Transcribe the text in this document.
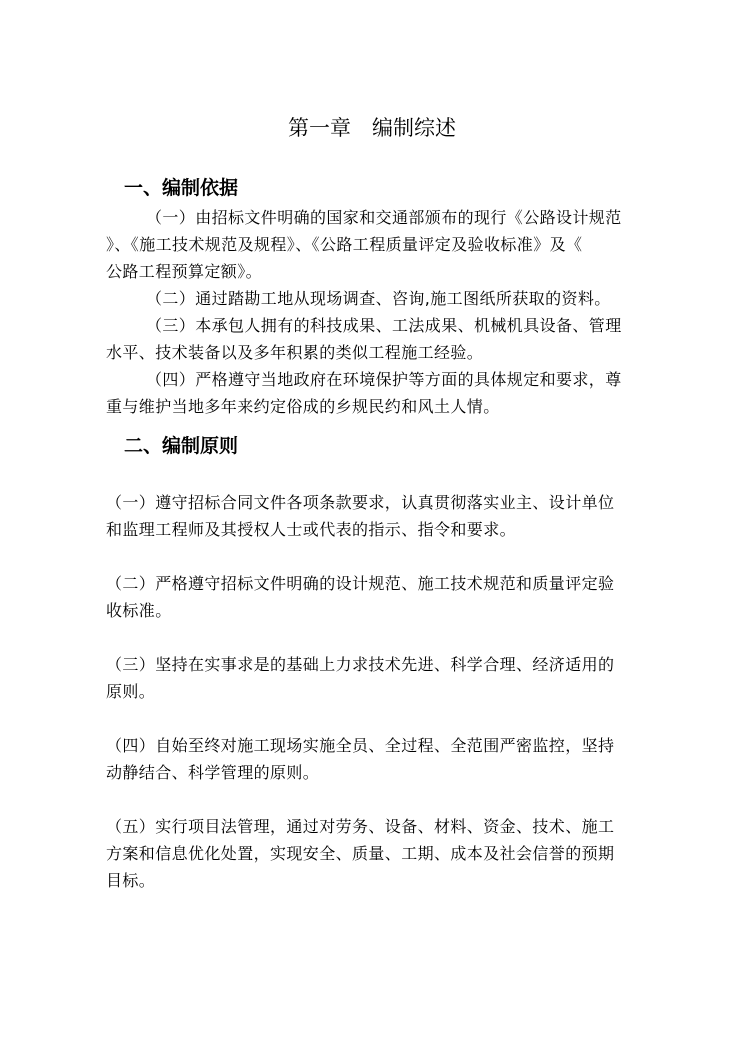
第一章　编制综述
一、编制依据

（一）由招标文件明确的国家和交通部颁布的现行《公路设计规范
》、《施工技术规范及规程》、《公路工程质量评定及验收标准》及《
公路工程预算定额》。

（二）通过踏勘工地从现场调查、咨询,施工图纸所获取的资料。

（三）本承包人拥有的科技成果、工法成果、机械机具设备、管理
水平、技术装备以及多年积累的类似工程施工经验。

（四）严格遵守当地政府在环境保护等方面的具体规定和要求，尊
重与维护当地多年来约定俗成的乡规民约和风土人情。

二、编制原则

（一）遵守招标合同文件各项条款要求，认真贯彻落实业主、设计单位
和监理工程师及其授权人士或代表的指示、指令和要求。

（二）严格遵守招标文件明确的设计规范、施工技术规范和质量评定验
收标准。

（三）坚持在实事求是的基础上力求技术先进、科学合理、经济适用的
原则。

（四）自始至终对施工现场实施全员、全过程、全范围严密监控，坚持
动静结合、科学管理的原则。

（五）实行项目法管理，通过对劳务、设备、材料、资金、技术、施工
方案和信息优化处置，实现安全、质量、工期、成本及社会信誉的预期
目标。
